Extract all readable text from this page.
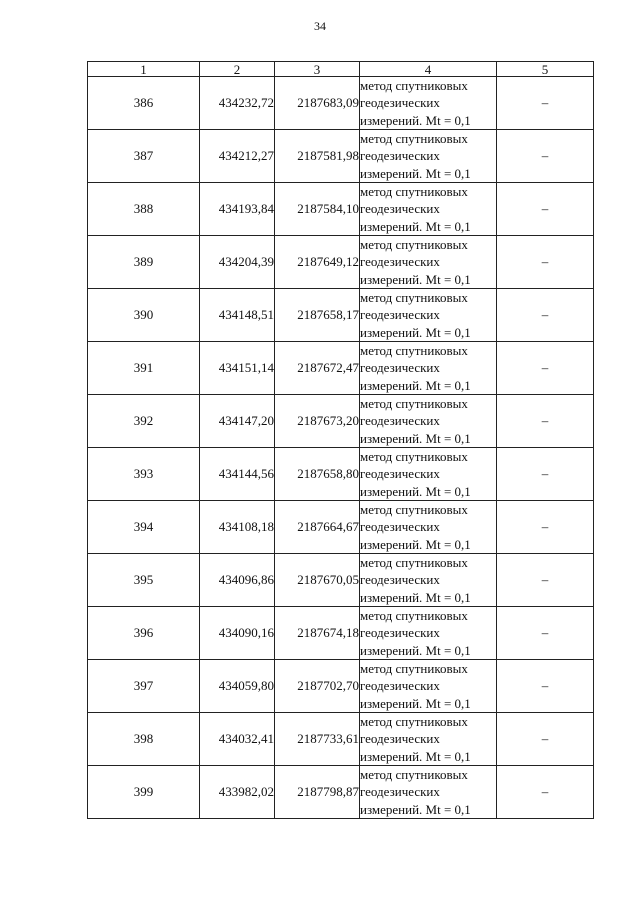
34
1	2	3	4	5
386	434232,72	2187683,09	метод спутниковых
геодезических
измерений. Mt = 0,1	–
387	434212,27	2187581,98	метод спутниковых
геодезических
измерений. Mt = 0,1	–
388	434193,84	2187584,10	метод спутниковых
геодезических
измерений. Mt = 0,1	–
389	434204,39	2187649,12	метод спутниковых
геодезических
измерений. Mt = 0,1	–
390	434148,51	2187658,17	метод спутниковых
геодезических
измерений. Mt = 0,1	–
391	434151,14	2187672,47	метод спутниковых
геодезических
измерений. Mt = 0,1	–
392	434147,20	2187673,20	метод спутниковых
геодезических
измерений. Mt = 0,1	–
393	434144,56	2187658,80	метод спутниковых
геодезических
измерений. Mt = 0,1	–
394	434108,18	2187664,67	метод спутниковых
геодезических
измерений. Mt = 0,1	–
395	434096,86	2187670,05	метод спутниковых
геодезических
измерений. Mt = 0,1	–
396	434090,16	2187674,18	метод спутниковых
геодезических
измерений. Mt = 0,1	–
397	434059,80	2187702,70	метод спутниковых
геодезических
измерений. Mt = 0,1	–
398	434032,41	2187733,61	метод спутниковых
геодезических
измерений. Mt = 0,1	–
399	433982,02	2187798,87	метод спутниковых
геодезических
измерений. Mt = 0,1	–
